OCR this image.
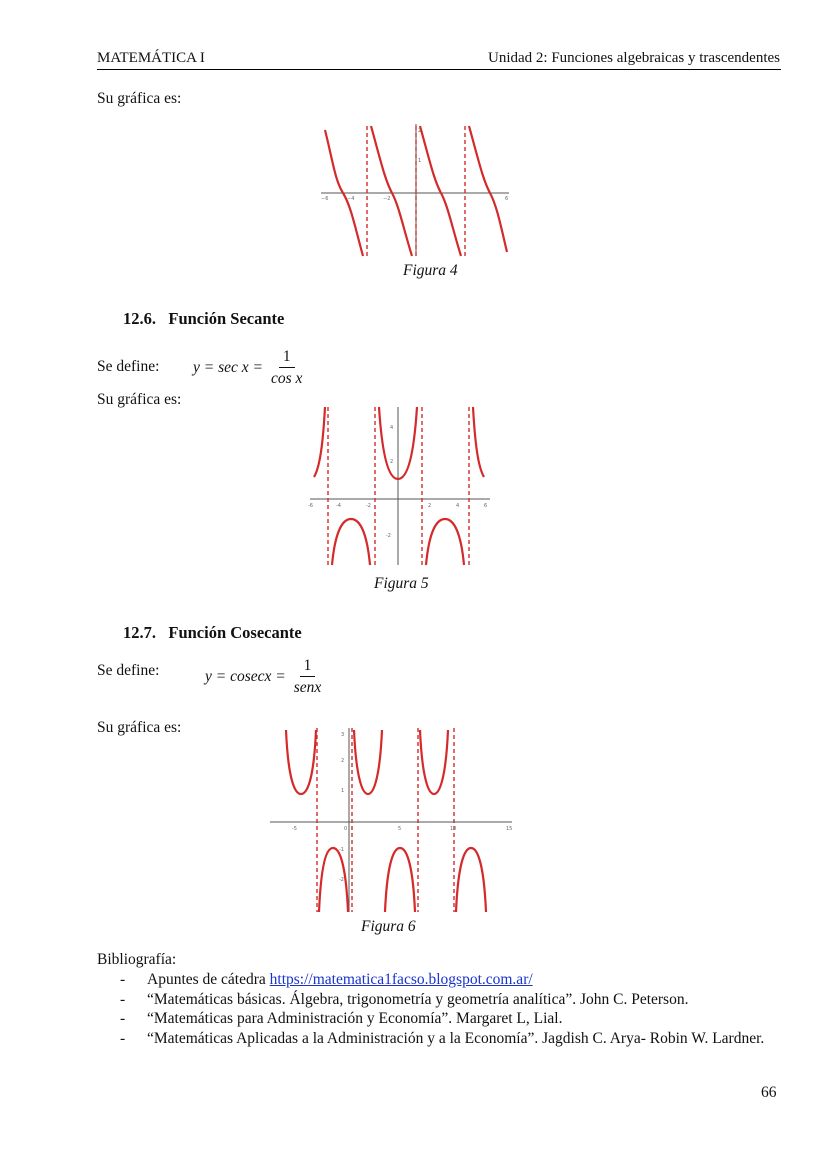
MATEMÁTICA I	Unidad 2: Funciones algebraicas y trascendentes
Su gráfica es:
−6	−4	−2	6
2
1
Figura 4
12.6. Función Secante
Se define: $y = \sec x = \frac{1}{\text{cos x}}$
Su gráfica es:
-6	-4	-2	2	4	6
4
2
-2
Figura 5
12.7. Función Cosecante
Se define:	$y = cosecx = \frac{1}{\text{senx}}$
Su gráfica es:
-5	0	5	10	15
3
2
1
-1
-2
Figura 6
Bibliografía:
- Apuntes de cátedra https://matematica1facso.blogspot.com.ar/
- “Matemáticas básicas. Álgebra, trigonometría y geometría analítica”. John C. Peterson.
- “Matemáticas para Administración y Economía”. Margaret L, Lial.
- “Matemáticas Aplicadas a la Administración y a la Economía”. Jagdish C. Arya- Robin W. Lardner.
66
